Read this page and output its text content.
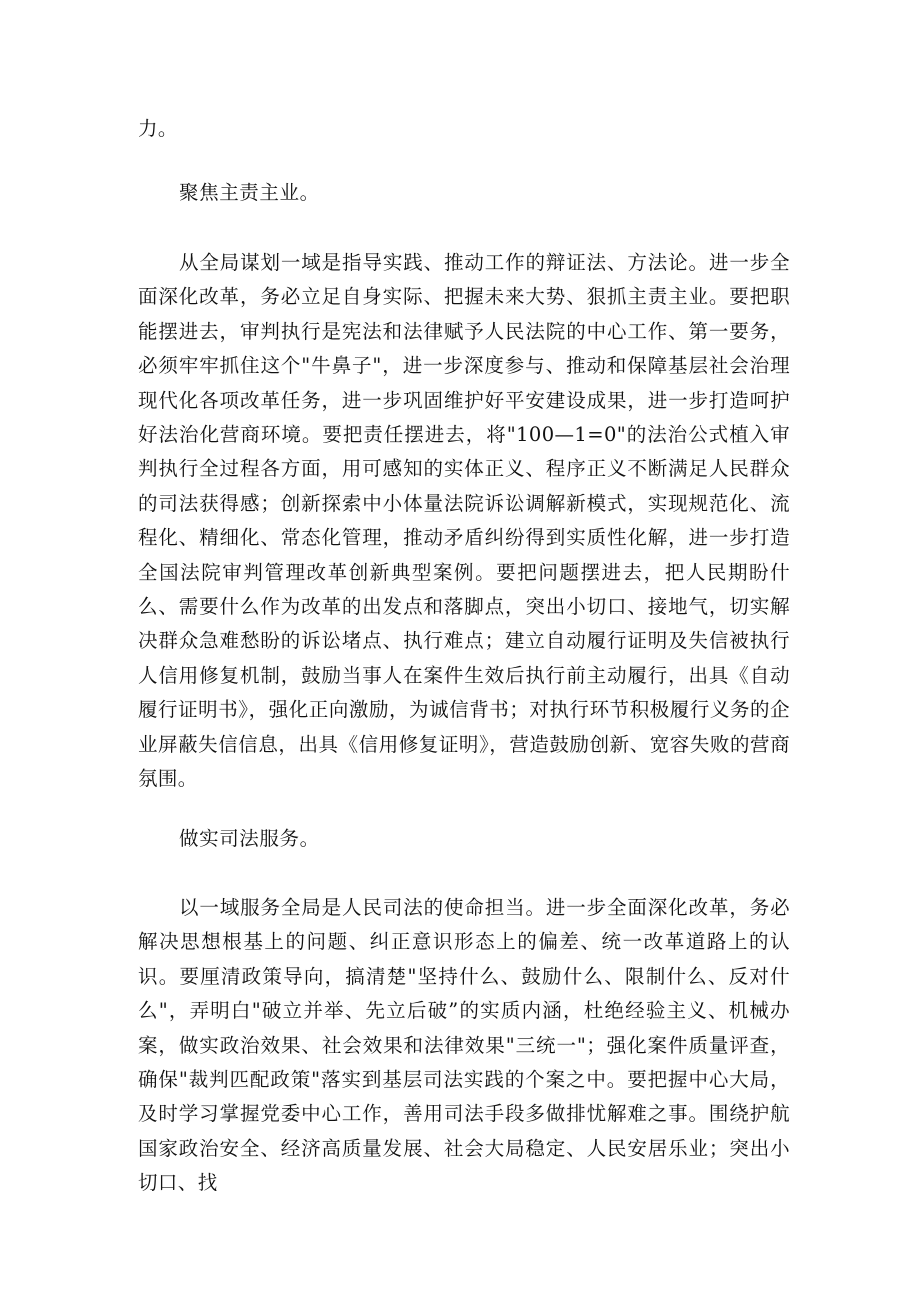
力。

聚焦主责主业。

从全局谋划一域是指导实践、推动工作的辩证法、方法论。进一步全面深化改革，务必立足自身实际、把握未来大势、狠抓主责主业。要把职能摆进去，审判执行是宪法和法律赋予人民法院的中心工作、第一要务，必须牢牢抓住这个"牛鼻子"，进一步深度参与、推动和保障基层社会治理现代化各项改革任务，进一步巩固维护好平安建设成果，进一步打造呵护好法治化营商环境。要把责任摆进去，将"100—1=0"的法治公式植入审判执行全过程各方面，用可感知的实体正义、程序正义不断满足人民群众的司法获得感；创新探索中小体量法院诉讼调解新模式，实现规范化、流程化、精细化、常态化管理，推动矛盾纠纷得到实质性化解，进一步打造全国法院审判管理改革创新典型案例。要把问题摆进去，把人民期盼什么、需要什么作为改革的出发点和落脚点，突出小切口、接地气，切实解决群众急难愁盼的诉讼堵点、执行难点；建立自动履行证明及失信被执行人信用修复机制，鼓励当事人在案件生效后执行前主动履行，出具《自动履行证明书》，强化正向激励，为诚信背书；对执行环节积极履行义务的企业屏蔽失信信息，出具《信用修复证明》，营造鼓励创新、宽容失败的营商氛围。

做实司法服务。

以一域服务全局是人民司法的使命担当。进一步全面深化改革，务必解决思想根基上的问题、纠正意识形态上的偏差、统一改革道路上的认识。要厘清政策导向，搞清楚"坚持什么、鼓励什么、限制什么、反对什么"，弄明白"破立并举、先立后破”的实质内涵，杜绝经验主义、机械办案，做实政治效果、社会效果和法律效果"三统一"；强化案件质量评查，确保"裁判匹配政策"落实到基层司法实践的个案之中。要把握中心大局，及时学习掌握党委中心工作，善用司法手段多做排忧解难之事。围绕护航国家政治安全、经济高质量发展、社会大局稳定、人民安居乐业；突出小切口、找
